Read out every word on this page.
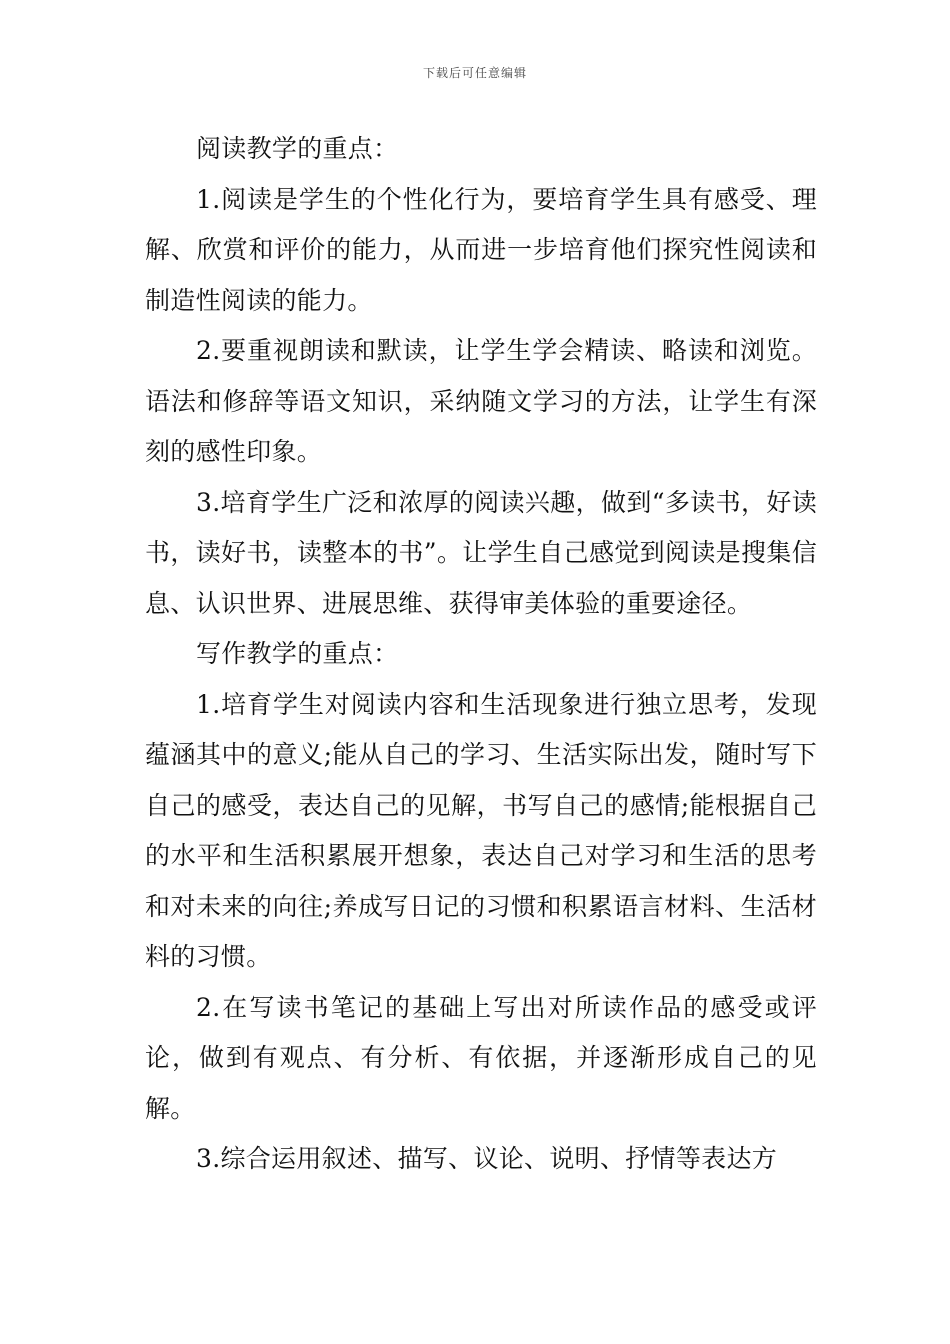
下载后可任意编辑

阅读教学的重点：

1.阅读是学生的个性化行为，要培育学生具有感受、理解、欣赏和评价的能力，从而进一步培育他们探究性阅读和制造性阅读的能力。

2.要重视朗读和默读，让学生学会精读、略读和浏览。语法和修辞等语文知识，采纳随文学习的方法，让学生有深刻的感性印象。

3.培育学生广泛和浓厚的阅读兴趣，做到“多读书，好读书，读好书，读整本的书”。让学生自己感觉到阅读是搜集信息、认识世界、进展思维、获得审美体验的重要途径。

写作教学的重点：

1.培育学生对阅读内容和生活现象进行独立思考，发现蕴涵其中的意义;能从自己的学习、生活实际出发，随时写下自己的感受，表达自己的见解，书写自己的感情;能根据自己的水平和生活积累展开想象，表达自己对学习和生活的思考和对未来的向往;养成写日记的习惯和积累语言材料、生活材料的习惯。

2.在写读书笔记的基础上写出对所读作品的感受或评论，做到有观点、有分析、有依据，并逐渐形成自己的见解。

3.综合运用叙述、描写、议论、说明、抒情等表达方
